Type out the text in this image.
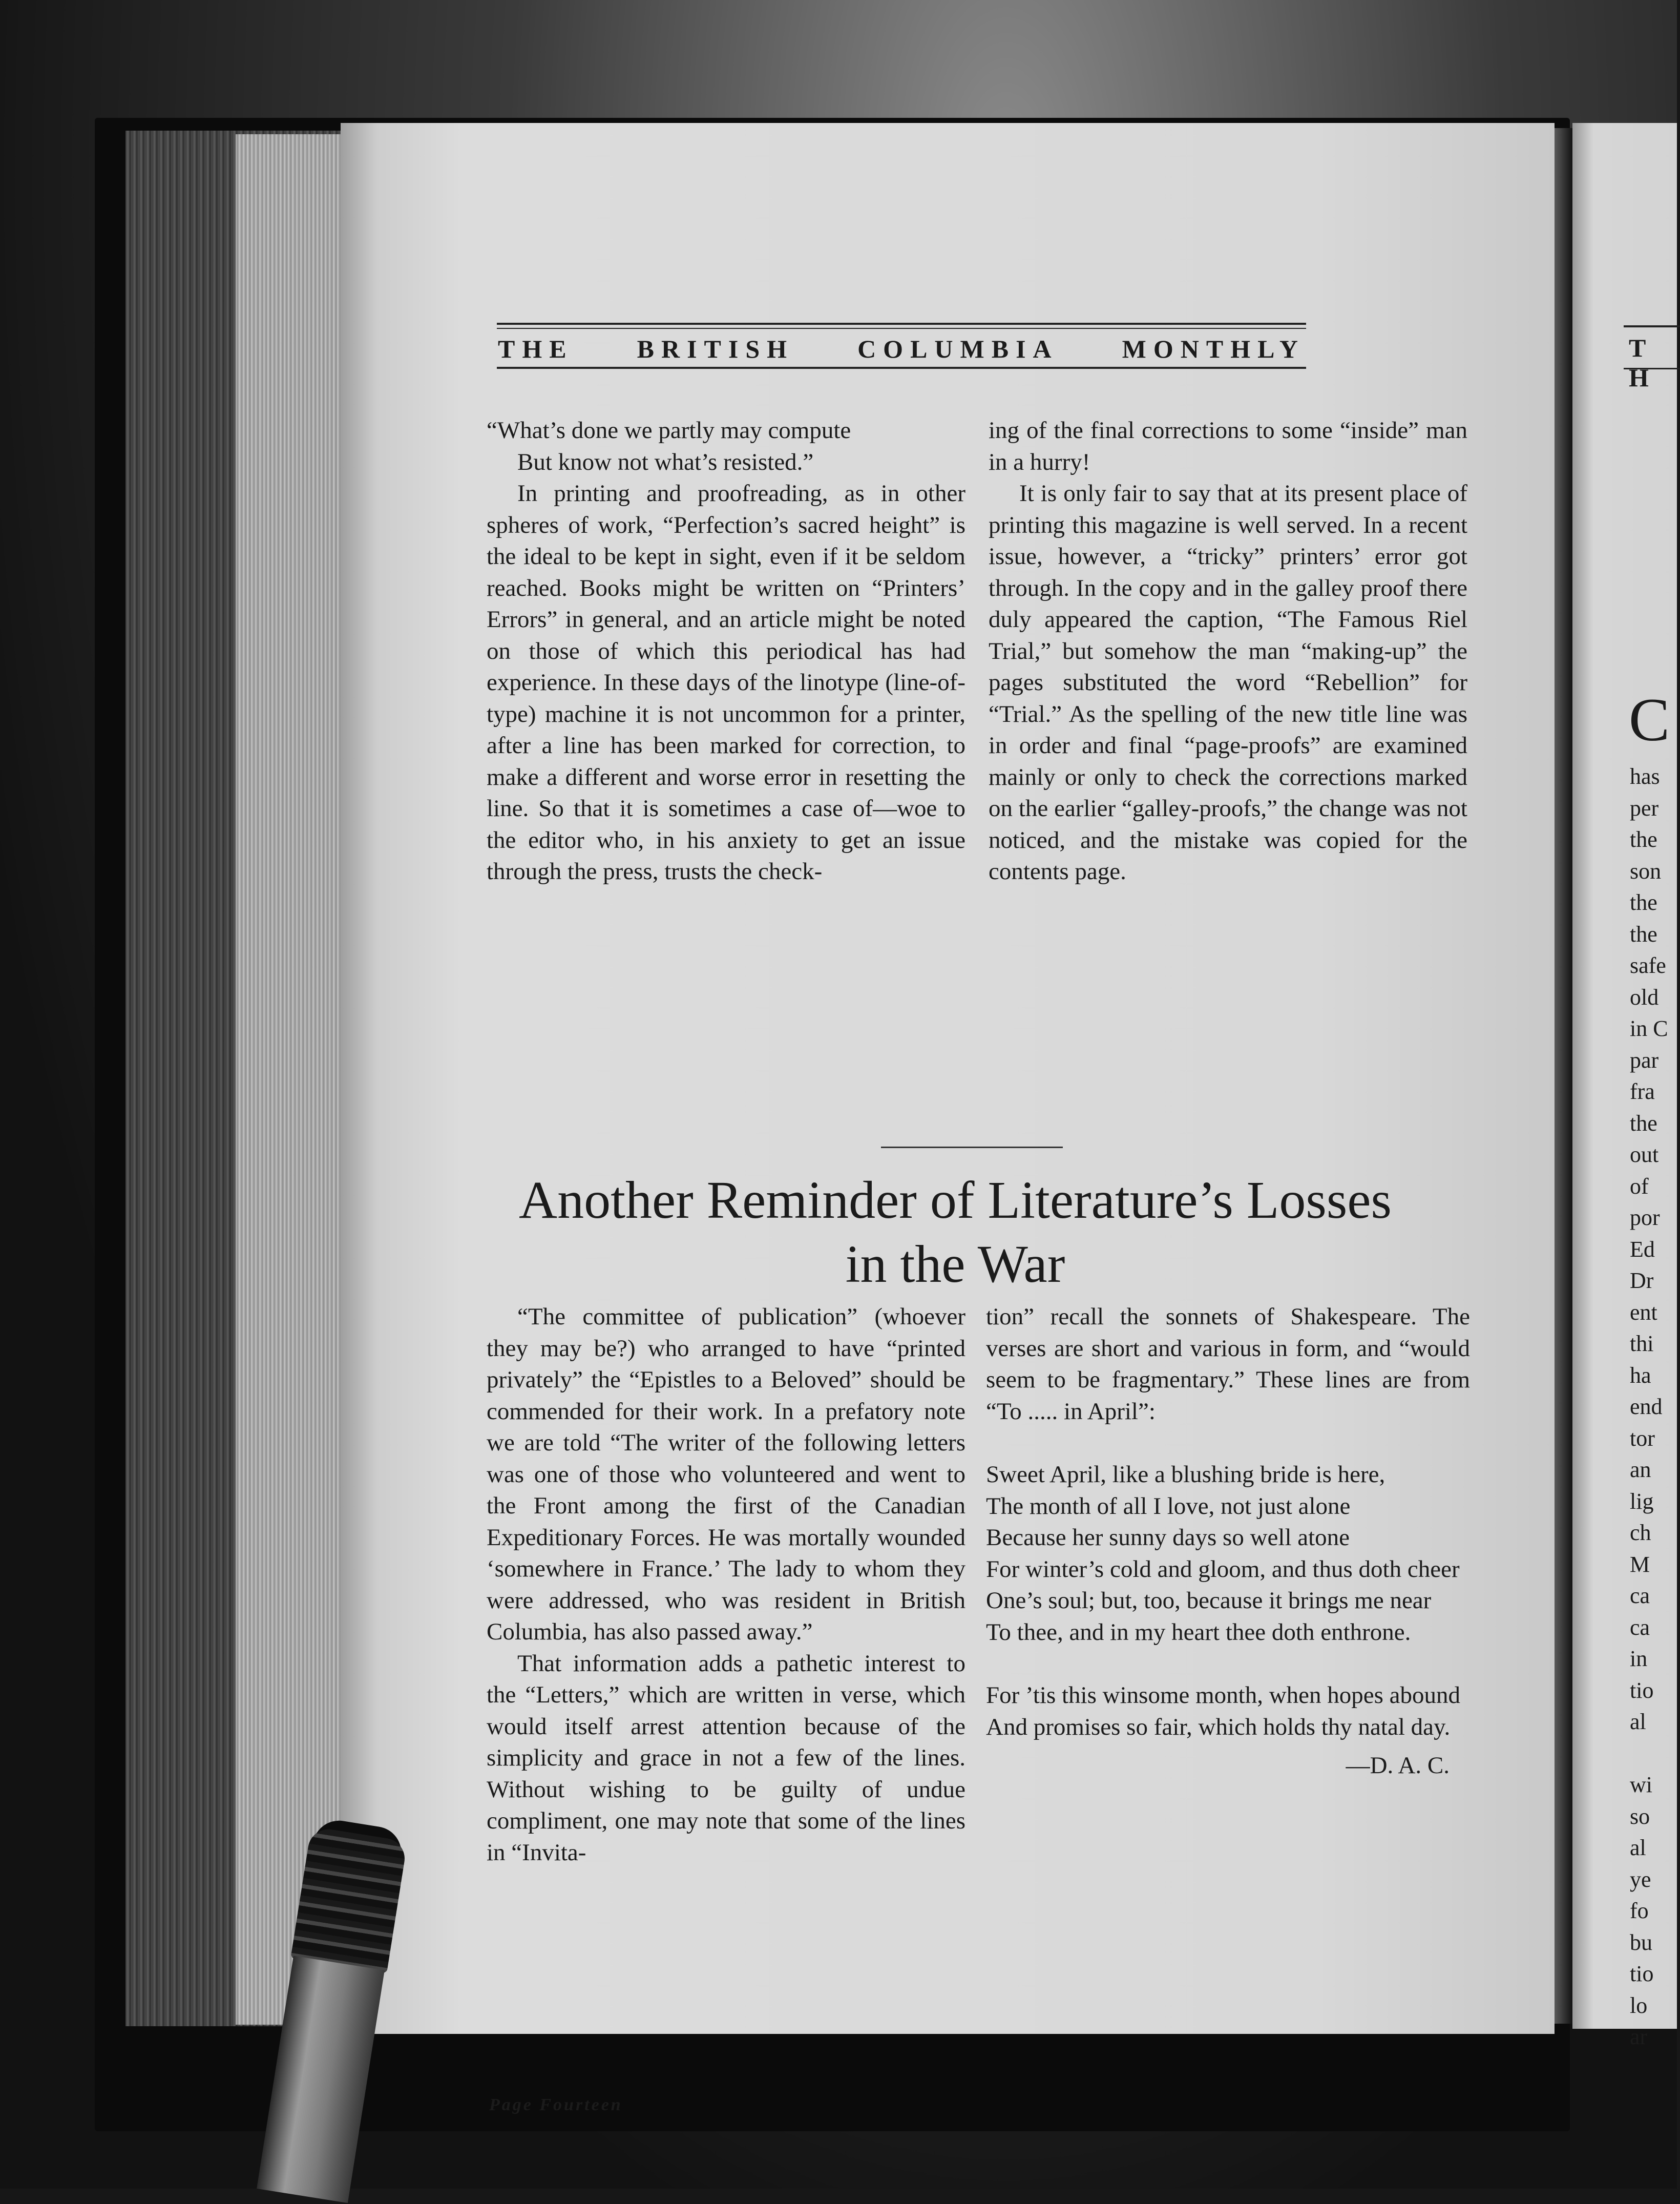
THE BRITISH COLUMBIA MONTHLY

“What’s done we partly may compute

But know not what’s resisted.”

In printing and proofreading, as in other spheres of work, “Perfection’s sacred height” is the ideal to be kept in sight, even if it be seldom reached. Books might be written on “Printers’ Errors” in general, and an article might be noted on those of which this periodical has had experience. In these days of the linotype (line-of-type) machine it is not uncommon for a printer, after a line has been marked for correction, to make a different and worse error in resetting the line. So that it is sometimes a case of—woe to the editor who, in his anxiety to get an issue through the press, trusts the check-

ing of the final corrections to some “inside” man in a hurry!

It is only fair to say that at its present place of printing this magazine is well served. In a recent issue, however, a “tricky” printers’ error got through. In the copy and in the galley proof there duly appeared the caption, “The Famous Riel Trial,” but somehow the man “making-up” the pages substituted the word “Rebellion” for “Trial.” As the spelling of the new title line was in order and final “page-proofs” are examined mainly or only to check the corrections marked on the earlier “galley-proofs,” the change was not noticed, and the mistake was copied for the contents page.

Another Reminder of Literature’s Losses
in the War

“The committee of publication” (whoever they may be?) who arranged to have “printed privately” the “Epistles to a Beloved” should be commended for their work. In a prefatory note we are told “The writer of the following letters was one of those who volunteered and went to the Front among the first of the Canadian Expeditionary Forces. He was mortally wounded ‘somewhere in France.’ The lady to whom they were addressed, who was resident in British Columbia, has also passed away.”

That information adds a pathetic interest to the “Letters,” which are written in verse, which would itself arrest attention because of the simplicity and grace in not a few of the lines. Without wishing to be guilty of undue compliment, one may note that some of the lines in “Invita-

tion” recall the sonnets of Shakespeare. The verses are short and various in form, and “would seem to be fragmentary.” These lines are from “To ..... in April”:

Sweet April, like a blushing bride is here,

The month of all I love, not just alone

Because her sunny days so well atone

For winter’s cold and gloom, and thus doth cheer

One’s soul; but, too, because it brings me near

To thee, and in my heart thee doth enthrone.

For ’tis this winsome month, when hopes abound

And promises so fair, which holds thy natal day.

—D. A. C.
Page Fourteen
T H
C
has
per
the
son
the
the
safe
old
in C
par
fra
the
out
of
por
Ed
Dr
ent
thi
ha
end
tor
an
lig
ch
M
ca
ca
in
tio
al

wi
so
al
ye
fo
bu
tio
lo
ar
